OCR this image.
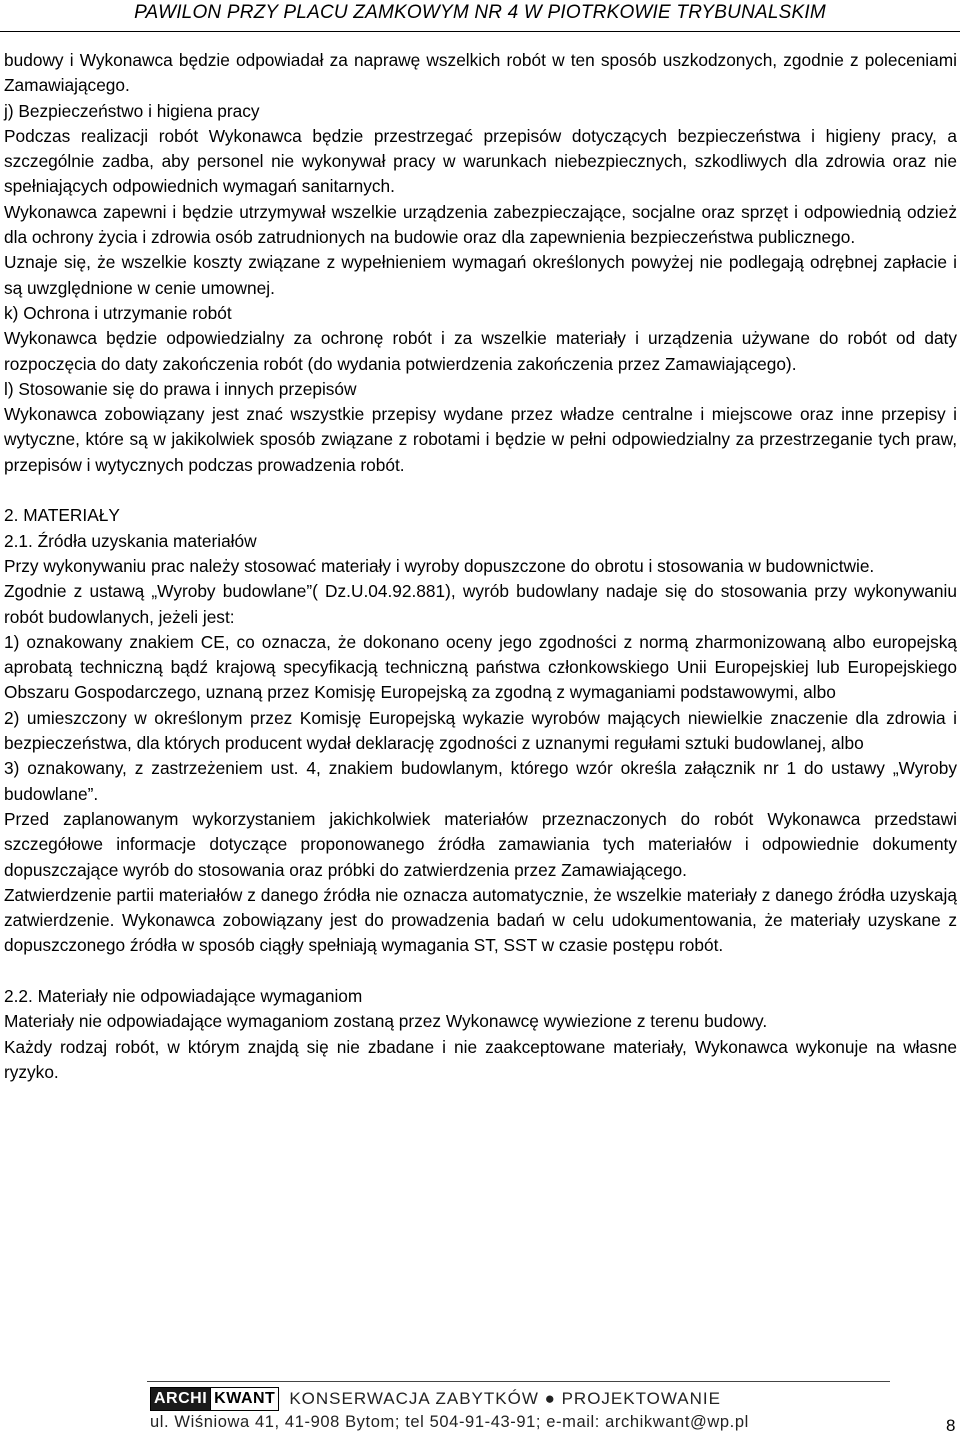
PAWILON PRZY PLACU ZAMKOWYM NR 4 W PIOTRKOWIE TRYBUNALSKIM

budowy i Wykonawca będzie odpowiadał za naprawę wszelkich robót w ten sposób uszkodzonych, zgodnie z poleceniami Zamawiającego.

j) Bezpieczeństwo i higiena pracy

Podczas realizacji robót Wykonawca będzie przestrzegać przepisów dotyczących bezpieczeństwa i higieny pracy, a szczególnie zadba, aby personel nie wykonywał pracy w warunkach niebezpiecznych, szkodliwych dla zdrowia oraz nie spełniających odpowiednich wymagań sanitarnych.

Wykonawca zapewni i będzie utrzymywał wszelkie urządzenia zabezpieczające, socjalne oraz sprzęt i odpowiednią odzież dla ochrony życia i zdrowia osób zatrudnionych na budowie oraz dla zapewnienia bezpieczeństwa publicznego.

Uznaje się, że wszelkie koszty związane z wypełnieniem wymagań określonych powyżej nie podlegają odrębnej zapłacie i są uwzględnione w cenie umownej.

k) Ochrona i utrzymanie robót

Wykonawca będzie odpowiedzialny za ochronę robót i za wszelkie materiały i urządzenia używane do robót od daty rozpoczęcia do daty zakończenia robót (do wydania potwierdzenia zakończenia przez Zamawiającego).

l) Stosowanie się do prawa i innych przepisów

Wykonawca zobowiązany jest znać wszystkie przepisy wydane przez władze centralne i miejscowe oraz inne przepisy i wytyczne, które są w jakikolwiek sposób związane z robotami i będzie w pełni odpowiedzialny za przestrzeganie tych praw, przepisów i wytycznych podczas prowadzenia robót.

2. MATERIAŁY

2.1. Źródła uzyskania materiałów

Przy wykonywaniu prac należy stosować materiały i wyroby dopuszczone do obrotu i stosowania w budownictwie.

Zgodnie z ustawą „Wyroby budowlane”( Dz.U.04.92.881), wyrób budowlany nadaje się do stosowania przy wykonywaniu robót budowlanych, jeżeli jest:

1) oznakowany znakiem CE, co oznacza, że dokonano oceny jego zgodności z normą zharmonizowaną albo europejską aprobatą techniczną bądź krajową specyfikacją techniczną państwa członkowskiego Unii Europejskiej lub Europejskiego Obszaru Gospodarczego, uznaną przez Komisję Europejską za zgodną z wymaganiami podstawowymi, albo

2) umieszczony w określonym przez Komisję Europejską wykazie wyrobów mających niewielkie znaczenie dla zdrowia i bezpieczeństwa, dla których producent wydał deklarację zgodności z uznanymi regułami sztuki budowlanej, albo

3) oznakowany, z zastrzeżeniem ust. 4, znakiem budowlanym, którego wzór określa załącznik nr 1 do ustawy „Wyroby budowlane”.

Przed zaplanowanym wykorzystaniem jakichkolwiek materiałów przeznaczonych do robót Wykonawca przedstawi szczegółowe informacje dotyczące proponowanego źródła zamawiania tych materiałów i odpowiednie dokumenty dopuszczające wyrób do stosowania oraz próbki do zatwierdzenia przez Zamawiającego.

Zatwierdzenie partii materiałów z danego źródła nie oznacza automatycznie, że wszelkie materiały z danego źródła uzyskają zatwierdzenie. Wykonawca zobowiązany jest do prowadzenia badań w celu udokumentowania, że materiały uzyskane z dopuszczonego źródła w sposób ciągły spełniają wymagania ST, SST w czasie postępu robót.

2.2. Materiały nie odpowiadające wymaganiom

Materiały nie odpowiadające wymaganiom zostaną przez Wykonawcę wywiezione z terenu budowy.

Każdy rodzaj robót, w którym znajdą się nie zbadane i nie zaakceptowane materiały, Wykonawca wykonuje na własne ryzyko.

ARCHI KWANT KONSERWACJA ZABYTKÓW ● PROJEKTOWANIE
ul. Wiśniowa 41, 41-908 Bytom; tel 504-91-43-91; e-mail: archikwant@wp.pl	8
